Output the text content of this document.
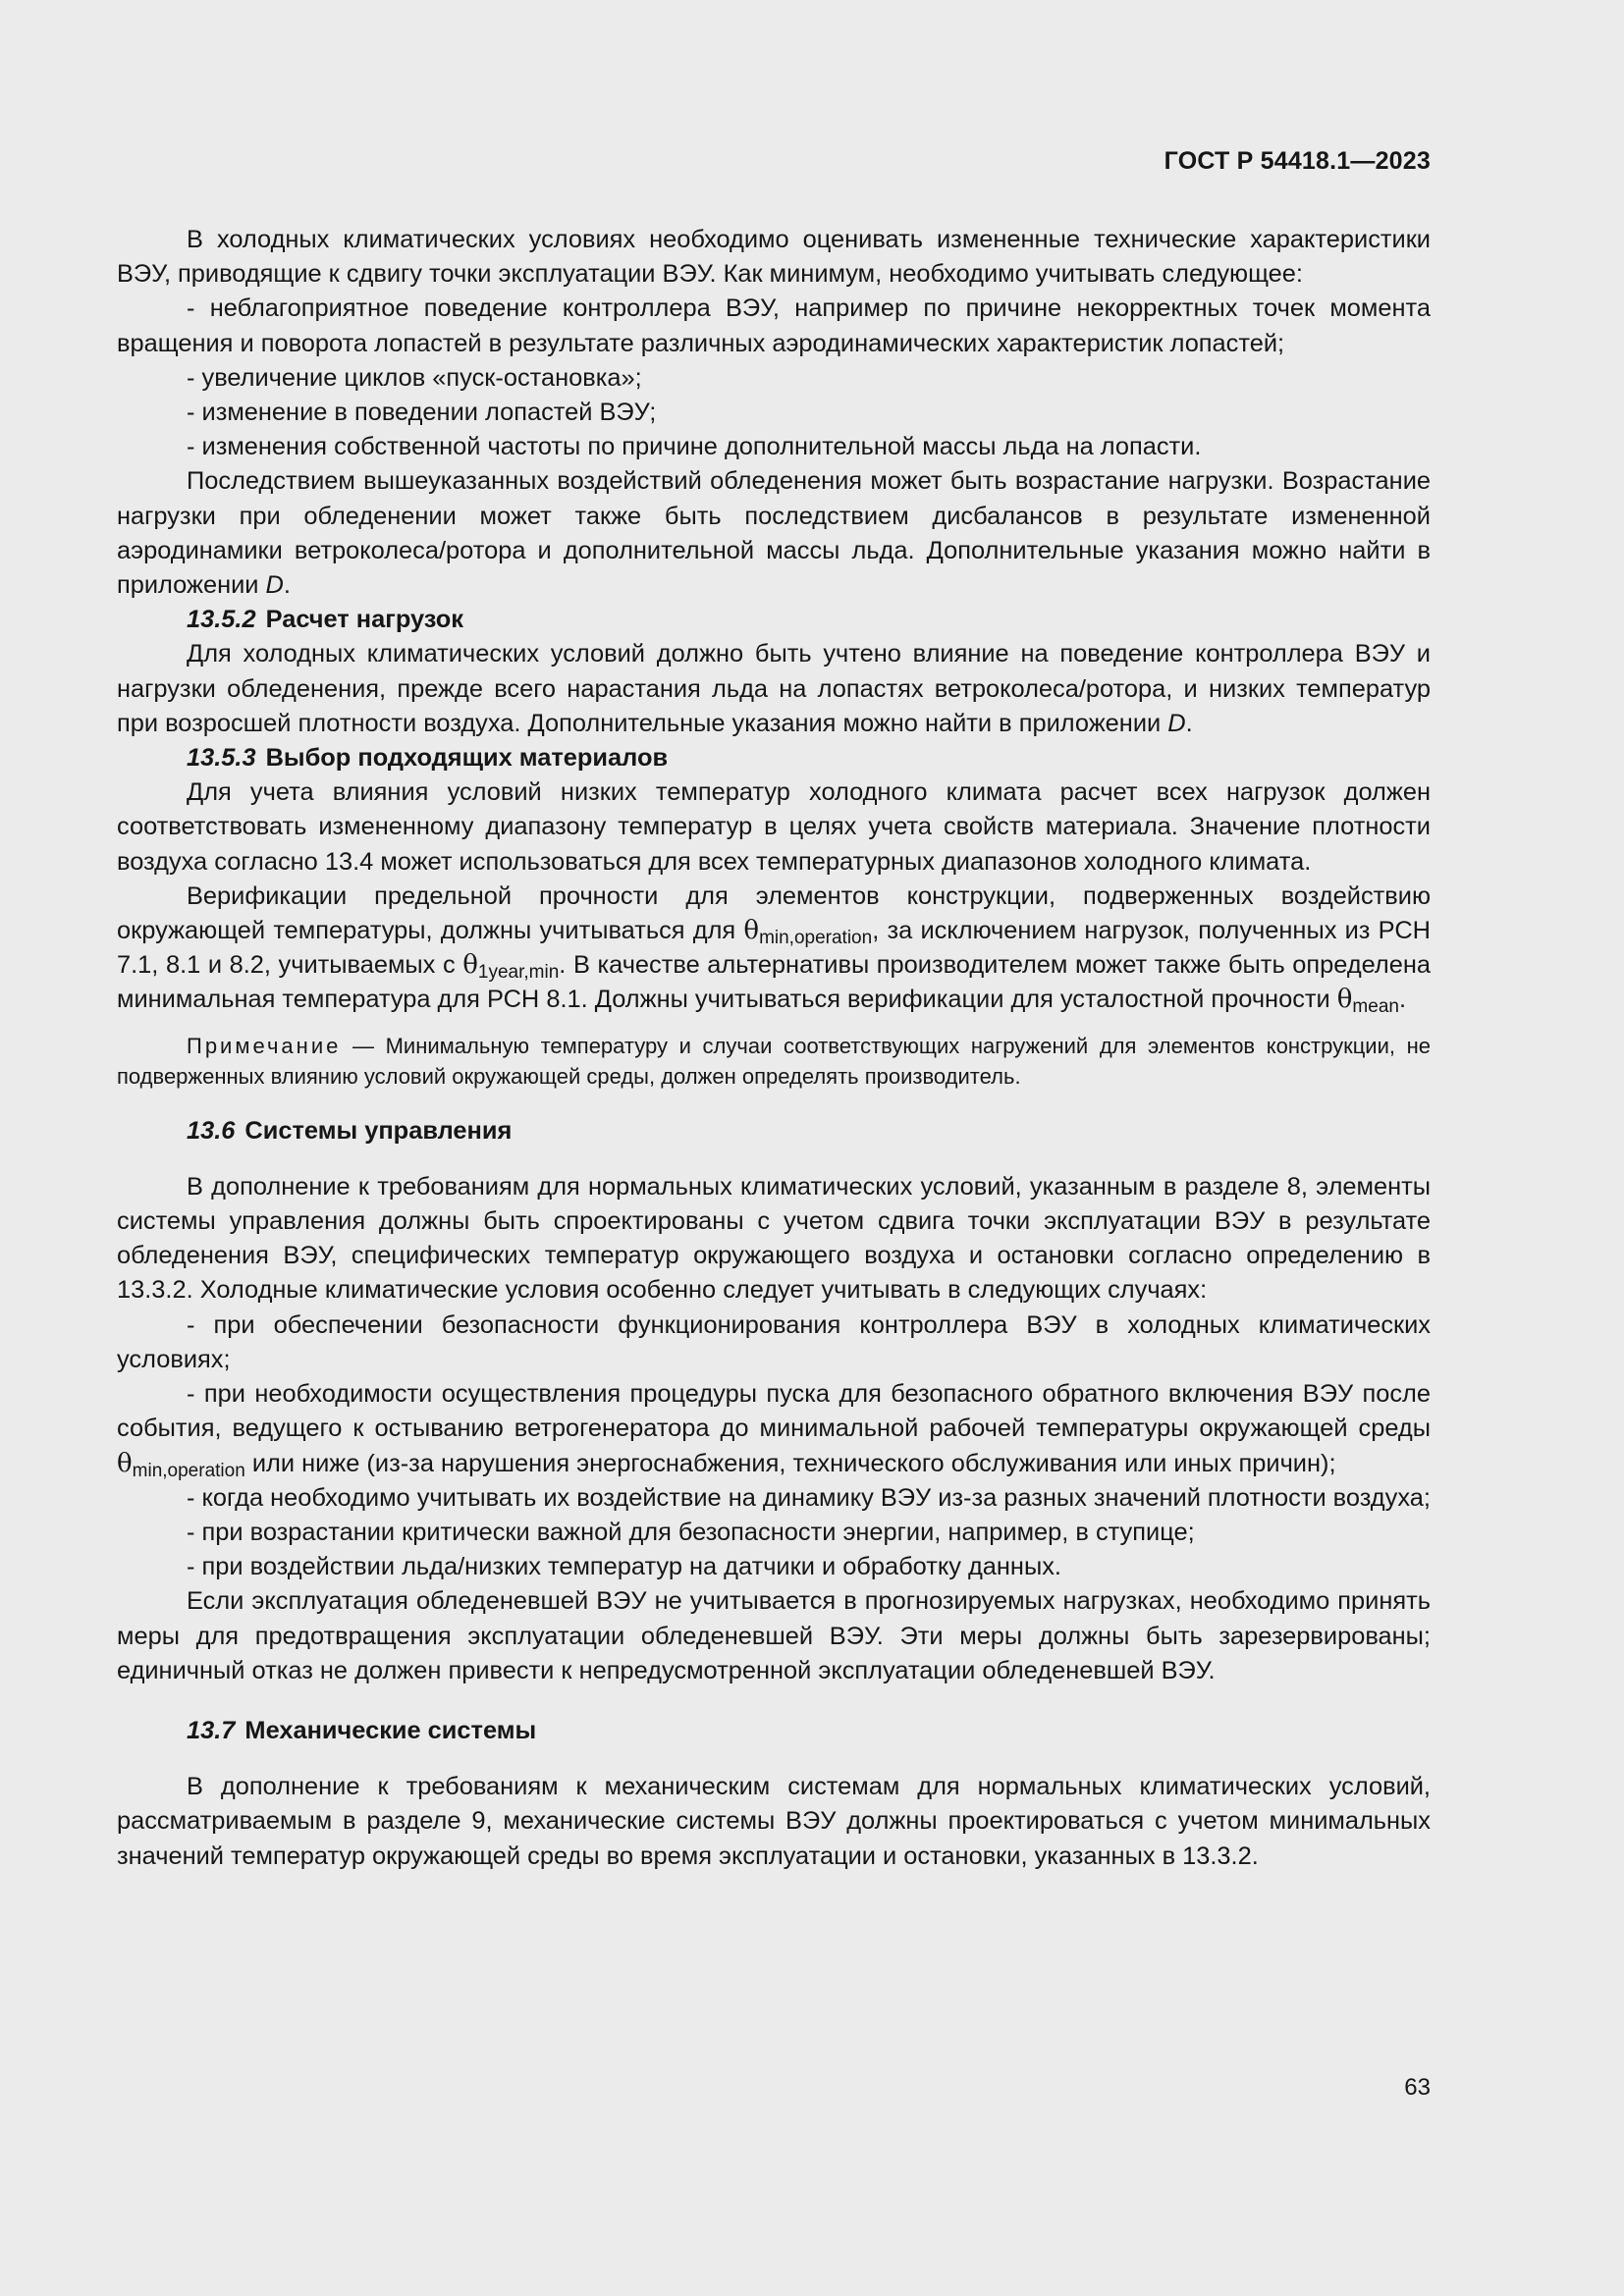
ГОСТ Р 54418.1—2023

В холодных климатических условиях необходимо оценивать измененные технические характеристики ВЭУ, приводящие к сдвигу точки эксплуатации ВЭУ. Как минимум, необходимо учитывать следующее:

- неблагоприятное поведение контроллера ВЭУ, например по причине некорректных точек момента вращения и поворота лопастей в результате различных аэродинамических характеристик лопастей;

- увеличение циклов «пуск-остановка»;

- изменение в поведении лопастей ВЭУ;

- изменения собственной частоты по причине дополнительной массы льда на лопасти.

Последствием вышеуказанных воздействий обледенения может быть возрастание нагрузки. Возрастание нагрузки при обледенении может также быть последствием дисбалансов в результате измененной аэродинамики ветроколеса/ротора и дополнительной массы льда. Дополнительные указания можно найти в приложении D.

13.5.2 Расчет нагрузок

Для холодных климатических условий должно быть учтено влияние на поведение контроллера ВЭУ и нагрузки обледенения, прежде всего нарастания льда на лопастях ветроколеса/ротора, и низких температур при возросшей плотности воздуха. Дополнительные указания можно найти в приложении D.

13.5.3 Выбор подходящих материалов

Для учета влияния условий низких температур холодного климата расчет всех нагрузок должен соответствовать измененному диапазону температур в целях учета свойств материала. Значение плотности воздуха согласно 13.4 может использоваться для всех температурных диапазонов холодного климата.

Верификации предельной прочности для элементов конструкции, подверженных воздействию окружающей температуры, должны учитываться для $\theta_{min,operation}$, за исключением нагрузок, полученных из РСН 7.1, 8.1 и 8.2, учитываемых с $\theta_{1year,min}$. В качестве альтернативы производителем может также быть определена минимальная температура для РСН 8.1. Должны учитываться верификации для усталостной прочности $\theta_{mean}$.

Примечание — Минимальную температуру и случаи соответствующих нагружений для элементов конструкции, не подверженных влиянию условий окружающей среды, должен определять производитель.

13.6 Системы управления

В дополнение к требованиям для нормальных климатических условий, указанным в разделе 8, элементы системы управления должны быть спроектированы с учетом сдвига точки эксплуатации ВЭУ в результате обледенения ВЭУ, специфических температур окружающего воздуха и остановки согласно определению в 13.3.2. Холодные климатические условия особенно следует учитывать в следующих случаях:

- при обеспечении безопасности функционирования контроллера ВЭУ в холодных климатических условиях;

- при необходимости осуществления процедуры пуска для безопасного обратного включения ВЭУ после события, ведущего к остыванию ветрогенератора до минимальной рабочей температуры окружающей среды $\theta_{min,operation}$ или ниже (из-за нарушения энергоснабжения, технического обслуживания или иных причин);

- когда необходимо учитывать их воздействие на динамику ВЭУ из-за разных значений плотности воздуха;

- при возрастании критически важной для безопасности энергии, например, в ступице;

- при воздействии льда/низких температур на датчики и обработку данных.

Если эксплуатация обледеневшей ВЭУ не учитывается в прогнозируемых нагрузках, необходимо принять меры для предотвращения эксплуатации обледеневшей ВЭУ. Эти меры должны быть зарезервированы; единичный отказ не должен привести к непредусмотренной эксплуатации обледеневшей ВЭУ.

13.7 Механические системы

В дополнение к требованиям к механическим системам для нормальных климатических условий, рассматриваемым в разделе 9, механические системы ВЭУ должны проектироваться с учетом минимальных значений температур окружающей среды во время эксплуатации и остановки, указанных в 13.3.2.

63
